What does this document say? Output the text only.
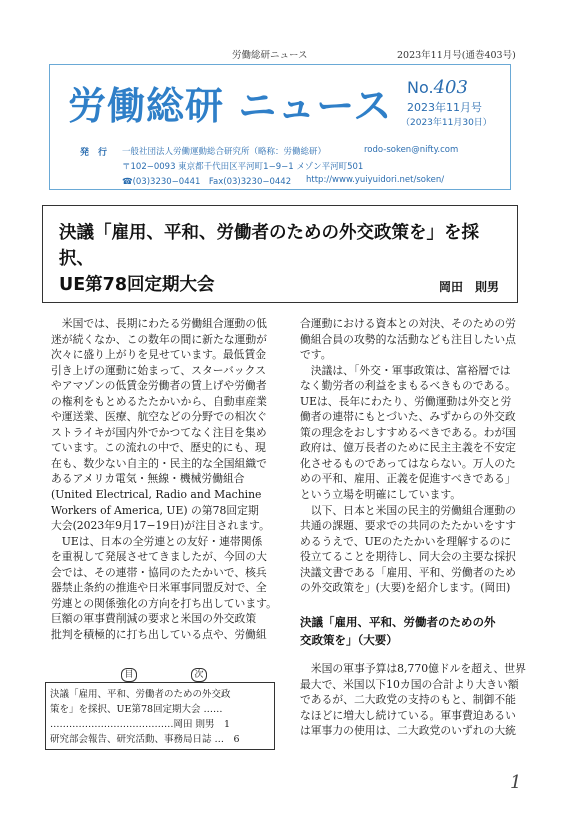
労働総研ニュース	2023年11月号(通巻403号)
労働総研 ニュース No.403
2023年11月号
（2023年11月30日）
発　行 一般社団法人労働運動総合研究所（略称：労働総研）	rodo-soken@nifty.com
〒102−0093 東京都千代田区平河町1−9−1 メゾン平河町501
☎(03)3230−0441　Fax(03)3230−0442 http://www.yuiyuidori.net/soken/
決議「雇用、平和、労働者のための外交政策を」を採択、
UE第78回定期大会	岡田　則男

　米国では、長期にわたる労働組合運動の低

迷が続くなか、この数年の間に新たな運動が

次々に盛り上がりを見せています。最低賃金

引き上げの運動に始まって、スターバックス

やアマゾンの低賃金労働者の賃上げや労働者

の権利をもとめるたたかいから、自動車産業

や運送業、医療、航空などの分野での相次ぐ

ストライキが国内外でかつてなく注目を集め

ています。この流れの中で、歴史的にも、現

在も、数少ない自主的・民主的な全国組織で

あるアメリカ電気・無線・機械労働組合

(United Electrical, Radio and Machine

Workers of America, UE) の第78回定期

大会(2023年9月17−19日)が注目されます。

　UEは、日本の全労連との友好・連帯関係

を重視して発展させてきましたが、今回の大

会では、その連帯・協同のたたかいで、核兵

器禁止条約の推進や日米軍事同盟反対で、全

労連との関係強化の方向を打ち出しています。

巨額の軍事費削減の要求と米国の外交政策

批判を積極的に打ち出している点や、労働組

合運動における資本との対決、そのための労

働組合員の攻勢的な活動なども注目したい点

です。

　決議は、「外交・軍事政策は、富裕層では

なく勤労者の利益をまもるべきものである。

UEは、長年にわたり、労働運動は外交と労

働者の連帯にもとづいた、みずからの外交政

策の理念をおしすすめるべきである。わが国

政府は、億万長者のために民主主義を不安定

化させるものであってはならない。万人のた

めの平和、雇用、正義を促進すべきである」

という立場を明確にしています。

　以下、日本と米国の民主的労働組合運動の

共通の課題、要求での共同のたたかいをすす

めるうえで、UEのたたかいを理解するのに

役立てることを期待し、同大会の主要な採択

決議文書である「雇用、平和、労働者のため

の外交政策を」(大要)を紹介します。(岡田)

決議「雇用、平和、労働者のための外
交政策を」（大要）

　米国の軍事予算は8,770億ドルを超え、世界

最大で、米国以下10カ国の合計より大きい額

であるが、二大政党の支持のもと、制御不能

なほどに増大し続けている。軍事費迫あるい

は軍事力の使用は、二大政党のいずれの大統

目	次

決議「雇用、平和、労働者のための外交政

策を」を採択、UE第78回定期大会 ……

…………………………………岡田 則男　1

研究部会報告、研究活動、事務局日誌 …　6

1
